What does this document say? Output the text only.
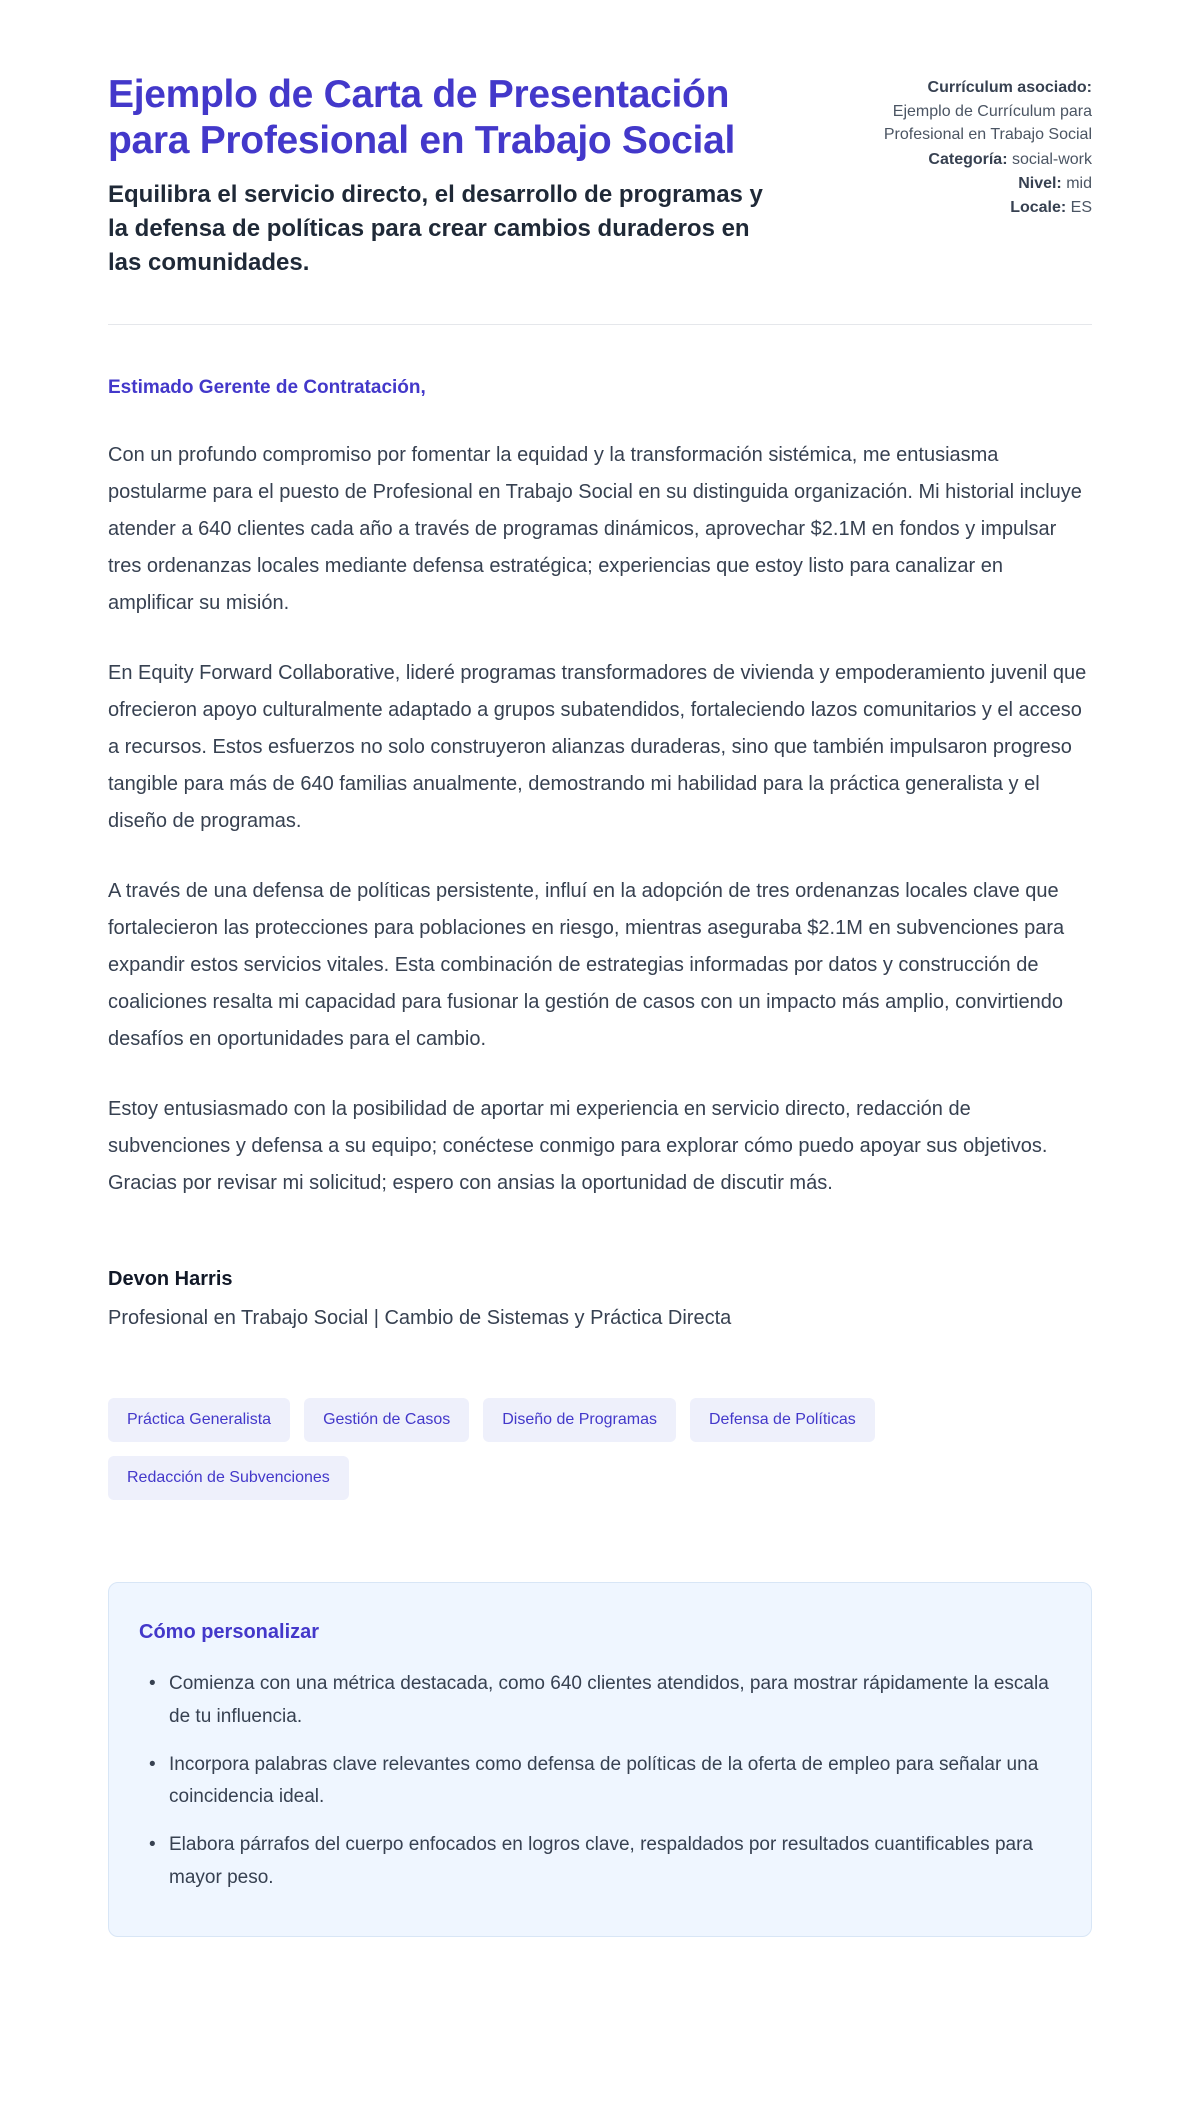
Ejemplo de Carta de Presentación para Profesional en Trabajo Social

Equilibra el servicio directo, el desarrollo de programas y la defensa de políticas para crear cambios duraderos en las comunidades.

Currículum asociado:
Ejemplo de Currículum para Profesional en Trabajo Social
Categoría: social-work
Nivel: mid
Locale: ES

Estimado Gerente de Contratación,

Con un profundo compromiso por fomentar la equidad y la transformación sistémica, me entusiasma postularme para el puesto de Profesional en Trabajo Social en su distinguida organización. Mi historial incluye atender a 640 clientes cada año a través de programas dinámicos, aprovechar $2.1M en fondos y impulsar tres ordenanzas locales mediante defensa estratégica; experiencias que estoy listo para canalizar en amplificar su misión.

En Equity Forward Collaborative, lideré programas transformadores de vivienda y empoderamiento juvenil que ofrecieron apoyo culturalmente adaptado a grupos subatendidos, fortaleciendo lazos comunitarios y el acceso a recursos. Estos esfuerzos no solo construyeron alianzas duraderas, sino que también impulsaron progreso tangible para más de 640 familias anualmente, demostrando mi habilidad para la práctica generalista y el diseño de programas.

A través de una defensa de políticas persistente, influí en la adopción de tres ordenanzas locales clave que fortalecieron las protecciones para poblaciones en riesgo, mientras aseguraba $2.1M en subvenciones para expandir estos servicios vitales. Esta combinación de estrategias informadas por datos y construcción de coaliciones resalta mi capacidad para fusionar la gestión de casos con un impacto más amplio, convirtiendo desafíos en oportunidades para el cambio.

Estoy entusiasmado con la posibilidad de aportar mi experiencia en servicio directo, redacción de subvenciones y defensa a su equipo; conéctese conmigo para explorar cómo puedo apoyar sus objetivos. Gracias por revisar mi solicitud; espero con ansias la oportunidad de discutir más.

Devon Harris

Profesional en Trabajo Social | Cambio de Sistemas y Práctica Directa

Práctica Generalista	Gestión de Casos	Diseño de Programas	Defensa de Políticas
Redacción de Subvenciones
Cómo personalizar
• Comienza con una métrica destacada, como 640 clientes atendidos, para mostrar rápidamente la escala de tu influencia.
• Incorpora palabras clave relevantes como defensa de políticas de la oferta de empleo para señalar una coincidencia ideal.
• Elabora párrafos del cuerpo enfocados en logros clave, respaldados por resultados cuantificables para mayor peso.
